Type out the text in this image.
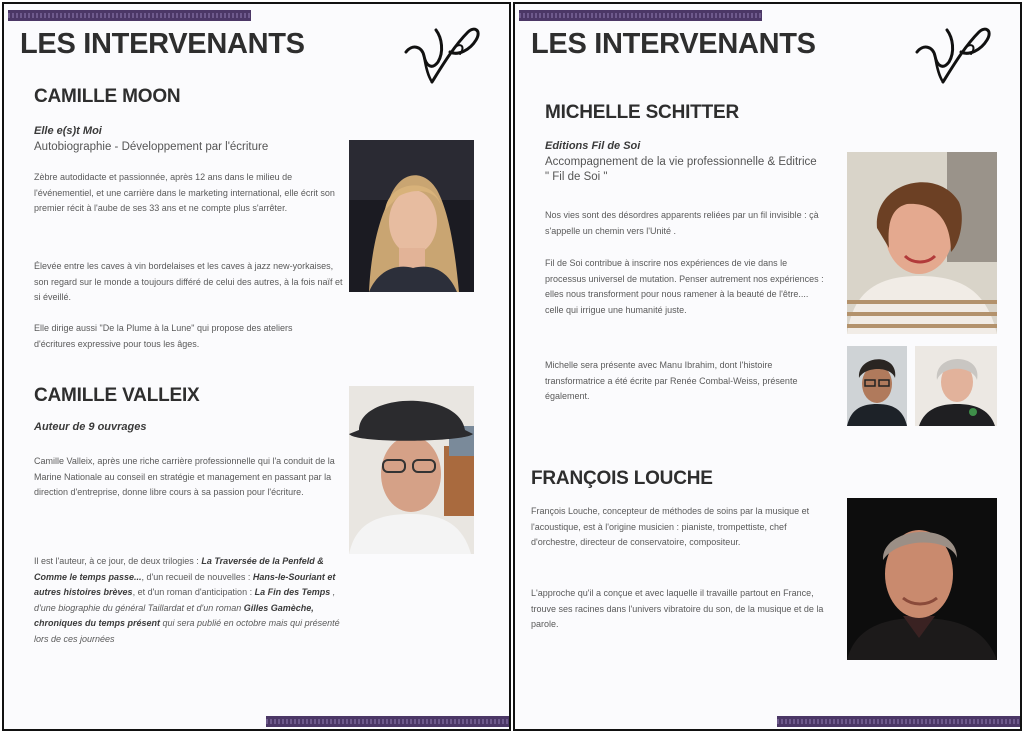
LES INTERVENANTS
CAMILLE MOON
Elle e(s)t Moi
Autobiographie - Développement par l'écriture
Zèbre autodidacte et passionnée, après 12 ans dans le milieu de l'événementiel, et une carrière dans le marketing international, elle écrit son premier récit à l'aube de ses 33 ans et ne compte plus s'arrêter.
Élevée entre les caves à vin bordelaises et les caves à jazz new-yorkaises, son regard sur le monde a toujours différé de celui des autres, à la fois naïf et si éveillé.
Elle dirige aussi "De la Plume à la Lune" qui propose des ateliers d'écritures expressive pour tous les âges.
CAMILLE VALLEIX
Auteur de 9 ouvrages
Camille Valleix, après une riche carrière professionnelle qui l'a conduit de la Marine Nationale au conseil en stratégie et management en passant par la direction d'entreprise, donne libre cours à sa passion pour l'écriture.
Il est l'auteur, à ce jour, de deux trilogies : La Traversée de la Penfeld & Comme le temps passe..., d'un recueil de nouvelles : Hans-le-Souriant et autres histoires brèves, et d'un roman d'anticipation : La Fin des Temps , d'une biographie du général Taillardat et d'un roman Gilles Gamèche, chroniques du temps présent qui sera publié en octobre mais qui présenté lors de ces journées
LES INTERVENANTS
MICHELLE SCHITTER
Editions Fil de Soi
Accompagnement de la vie professionnelle & Editrice " Fil de Soi "
Nos vies sont des désordres apparents reliées par un fil invisible : çà s'appelle un chemin vers l'Unité .
Fil de Soi contribue à inscrire nos expériences de vie dans le processus universel de mutation. Penser autrement nos expériences : elles nous transforment pour nous ramener à la beauté de l'être.... celle qui irrigue une humanité juste.
Michelle sera présente avec Manu Ibrahim, dont l'histoire transformatrice a été écrite par Renée Combal-Weiss, présente également.
FRANÇOIS LOUCHE
François Louche, concepteur de méthodes de soins par la musique et l'acoustique, est à l'origine musicien : pianiste, trompettiste, chef d'orchestre, directeur de conservatoire, compositeur.
L'approche qu'il a conçue et avec laquelle il travaille partout en France, trouve ses racines dans l'univers vibratoire du son, de la musique et de la parole.
